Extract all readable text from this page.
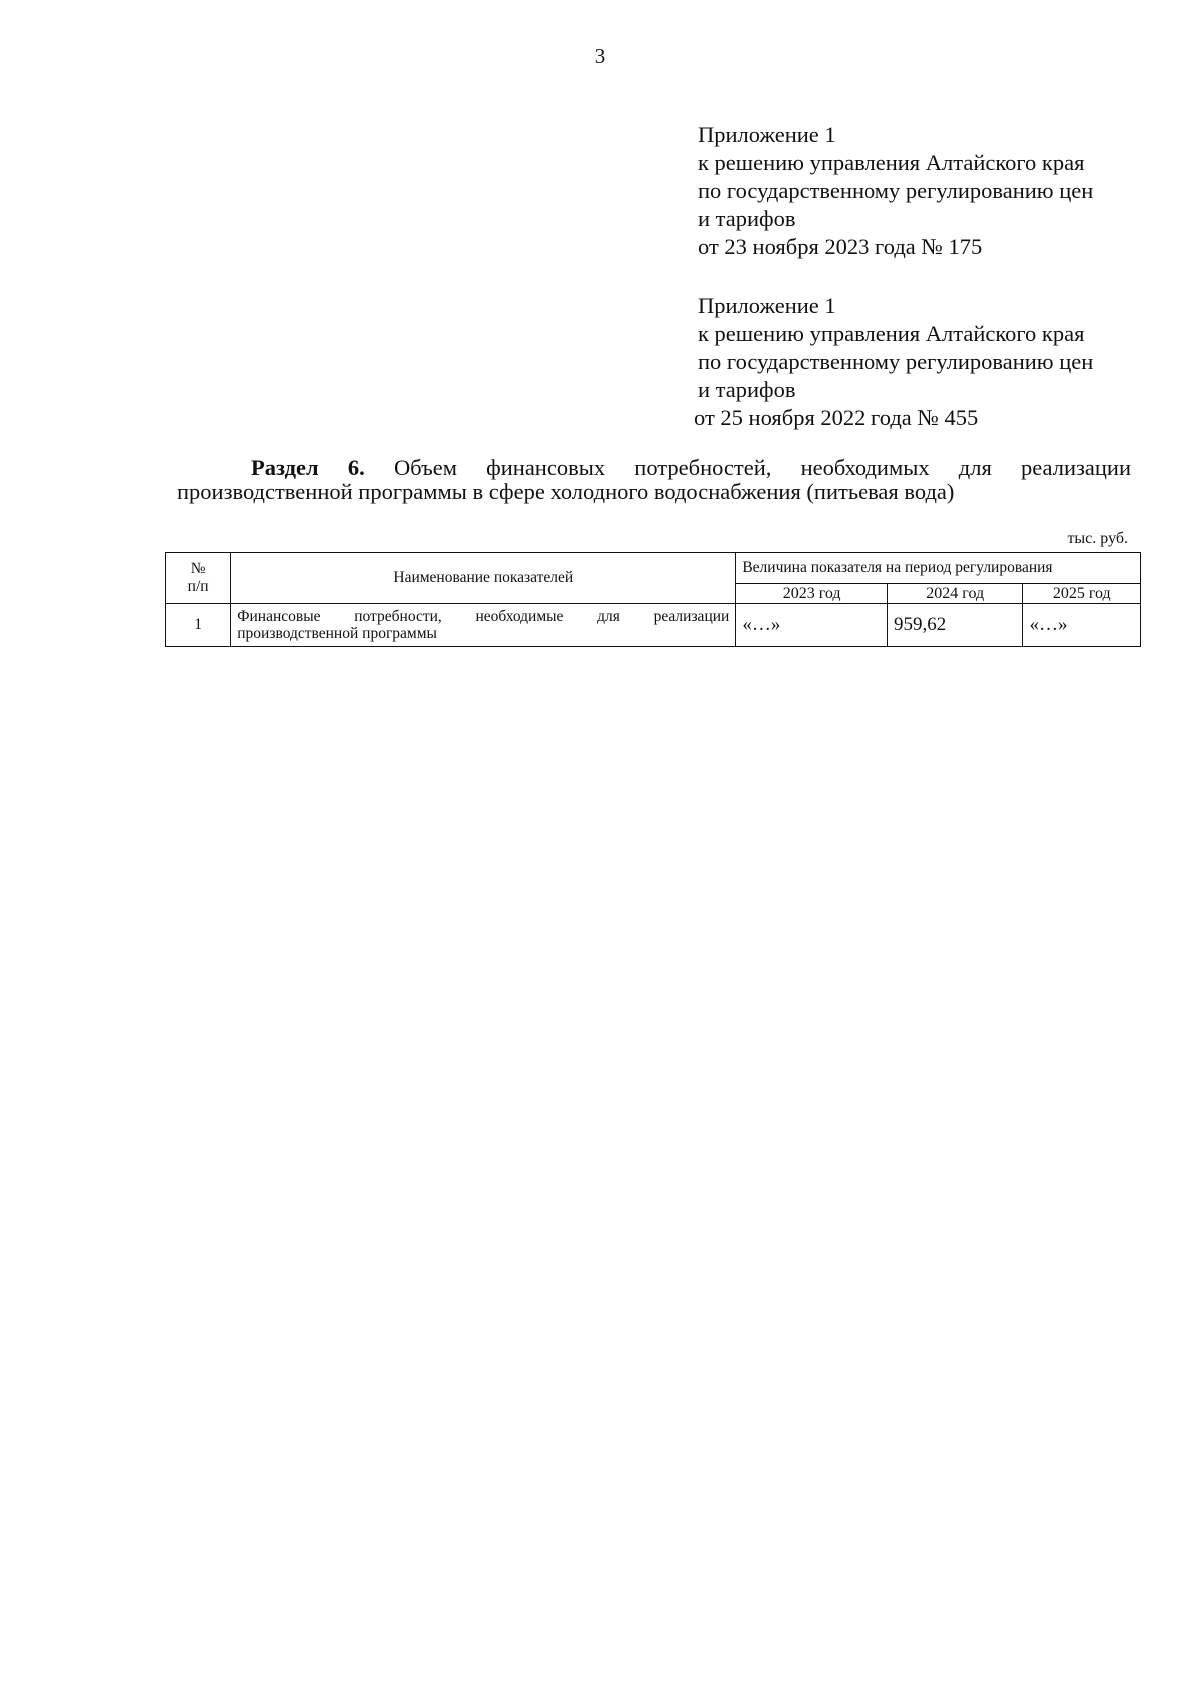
3
Приложение 1
к решению управления Алтайского края
по государственному регулированию цен
и тарифов
от 23 ноября 2023 года № 175
Приложение 1
к решению управления Алтайского края
по государственному регулированию цен
и тарифов
от 25 ноября 2022 года № 455
Раздел 6. Объем финансовых потребностей, необходимых для реализации
производственной программы в сфере холодного водоснабжения (питьевая вода)
тыс. руб.
№
п/п	Наименование показателей	Величина показателя на период регулирования		
		2023 год	2024 год	2025 год
1	Финансовые потребности, необходимые для реализации производственной программы	«…»	959,62	«…»
